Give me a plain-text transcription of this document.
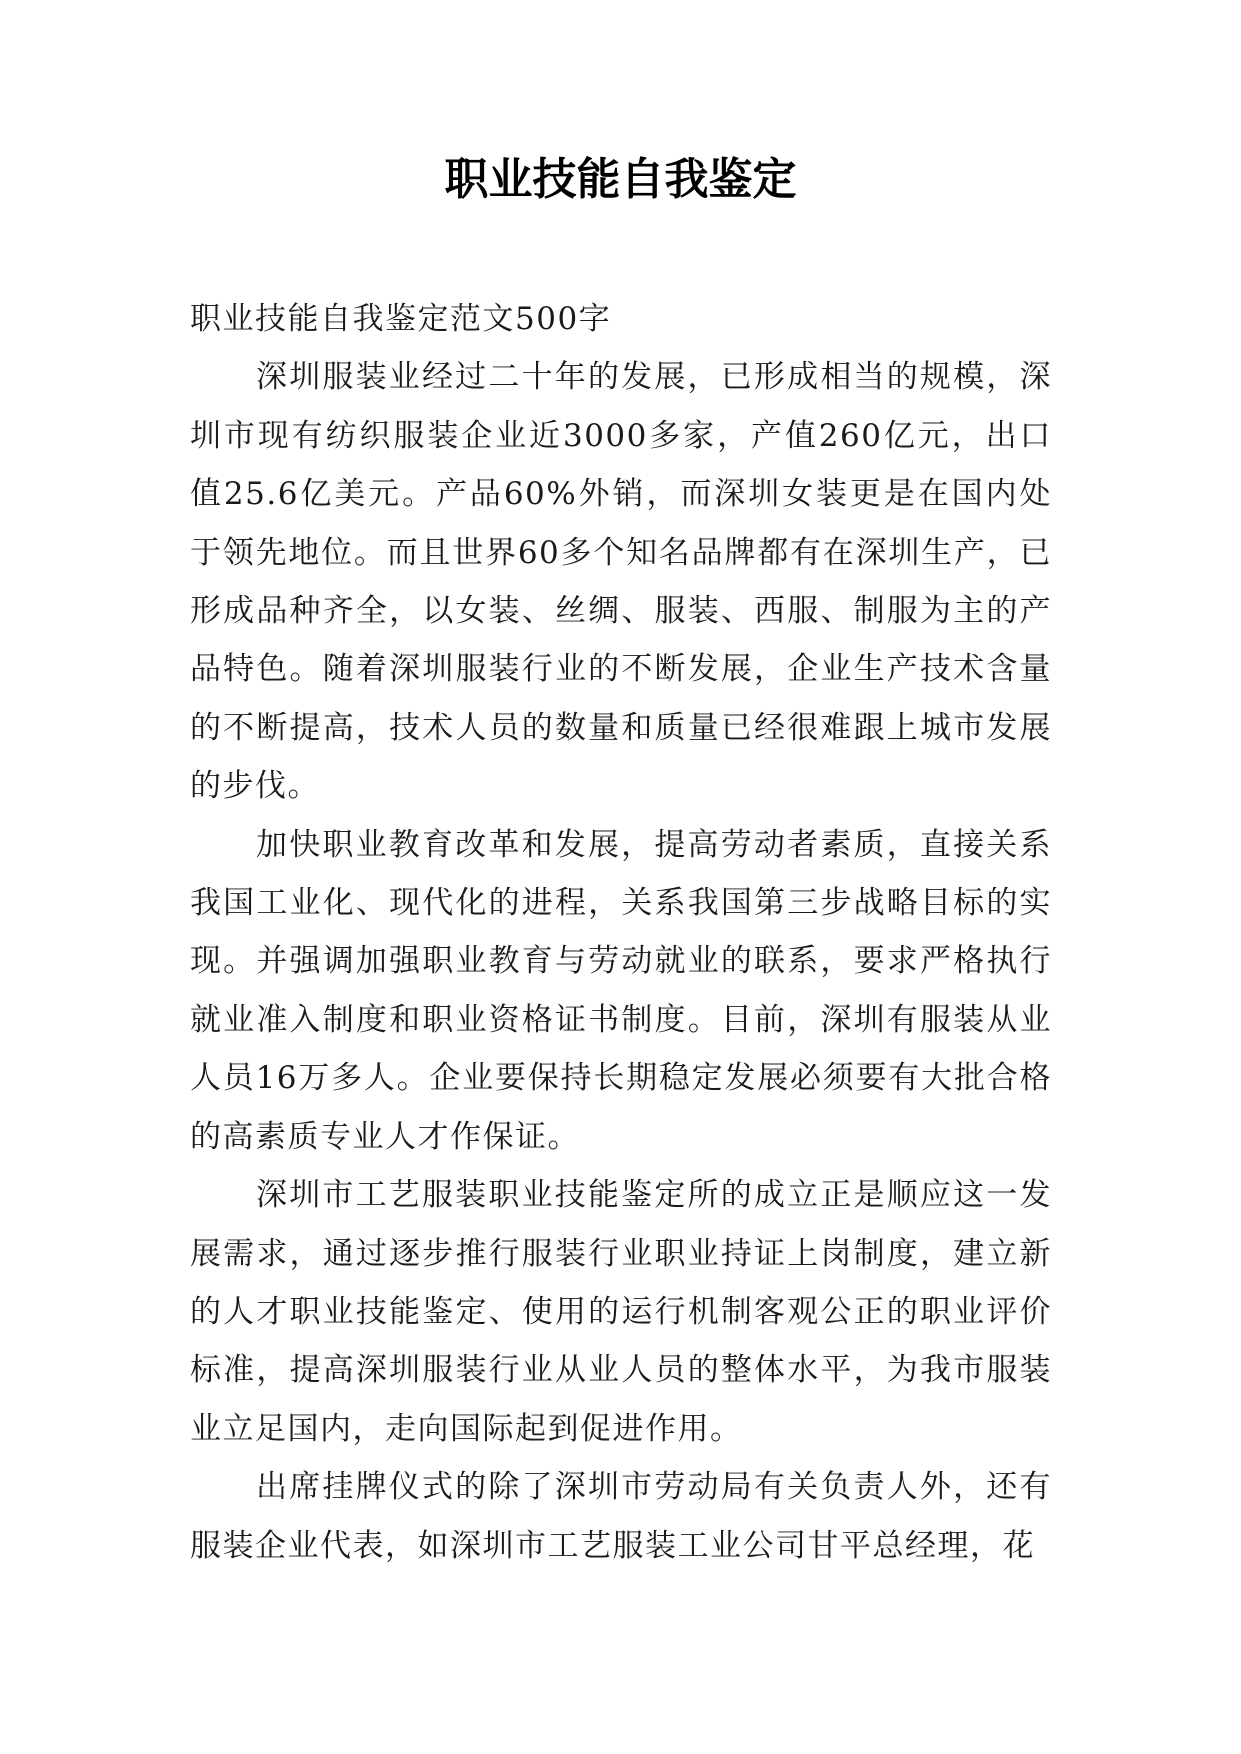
职业技能自我鉴定

职业技能自我鉴定范文500字

深圳服装业经过二十年的发展，已形成相当的规模，深圳市现有纺织服装企业近3000多家，产值260亿元，出口值25.6亿美元。产品60%外销，而深圳女装更是在国内处于领先地位。而且世界60多个知名品牌都有在深圳生产，已形成品种齐全，以女装、丝绸、服装、西服、制服为主的产品特色。随着深圳服装行业的不断发展，企业生产技术含量的不断提高，技术人员的数量和质量已经很难跟上城市发展的步伐。

加快职业教育改革和发展，提高劳动者素质，直接关系我国工业化、现代化的进程，关系我国第三步战略目标的实现。并强调加强职业教育与劳动就业的联系，要求严格执行就业准入制度和职业资格证书制度。目前，深圳有服装从业人员16万多人。企业要保持长期稳定发展必须要有大批合格的高素质专业人才作保证。

深圳市工艺服装职业技能鉴定所的成立正是顺应这一发展需求，通过逐步推行服装行业职业持证上岗制度，建立新的人才职业技能鉴定、使用的运行机制客观公正的职业评价标准，提高深圳服装行业从业人员的整体水平，为我市服装业立足国内，走向国际起到促进作用。

出席挂牌仪式的除了深圳市劳动局有关负责人外，还有服装企业代表，如深圳市工艺服装工业公司甘平总经理，花
